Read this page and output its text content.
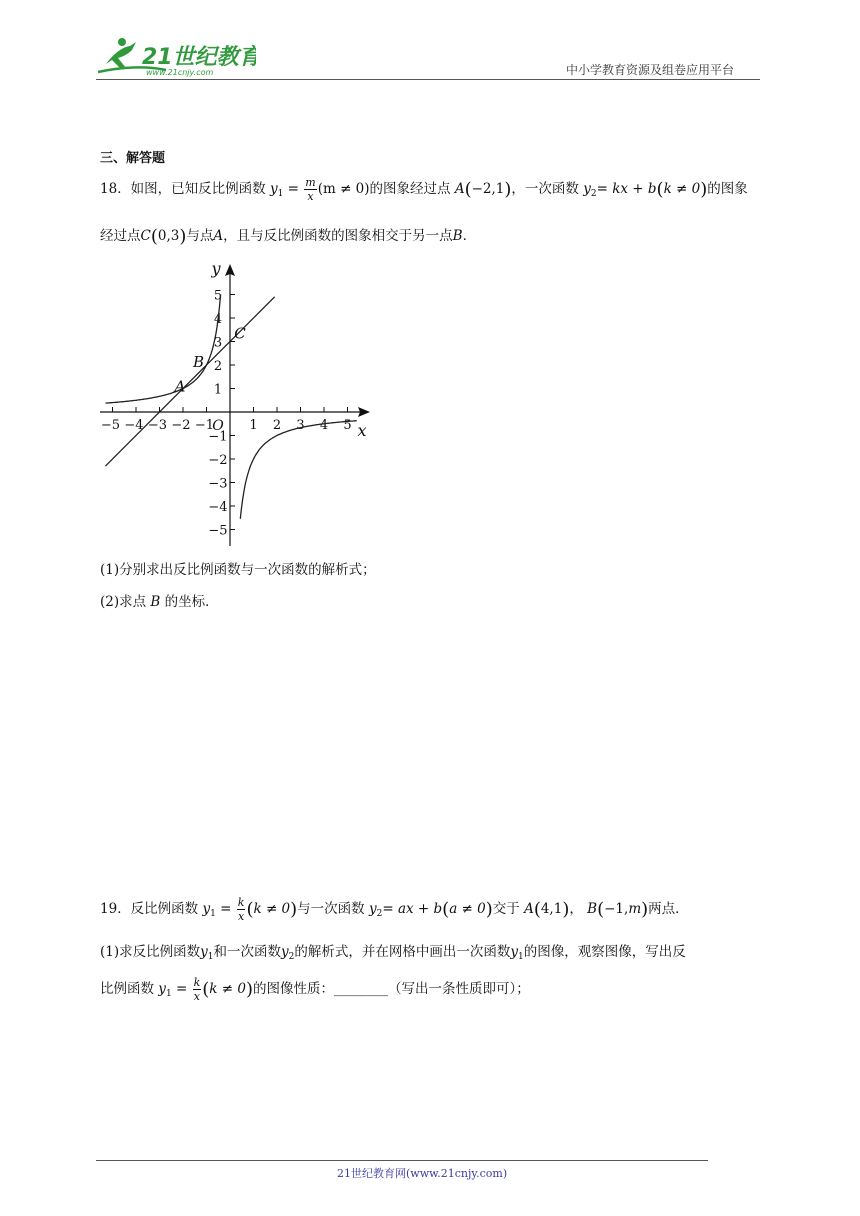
21世纪教育
www.21cnjy.com	中小学教育资源及组卷应用平台
三、解答题
18．如图，已知反比例函数 $y_1 = \frac{m}{x} (m \ne 0)$的图象经过点 A(−2,1)，一次函数 $y_2=$ kx + b(k ≠ 0)的图象
经过点C(0,3)与点A，且与反比例函数的图象相交于另一点B．
−5 −4 −3 −2 −1	1 2 3 4 5
5
4
3
2
1
−1
−2
−3
−4
−5
O	x
y
A
B
C
(1)分别求出反比例函数与一次函数的解析式；
(2)求点 B 的坐标．
19．反比例函数 $y_1 = \frac{k}{x} (k \ne 0)$与一次函数 $y_2=$ ax + b(a ≠ 0)交于 A(4,1)， B(−1,m)两点．
(1)求反比例函数$y_1$和一次函数$y_2$的解析式，并在网格中画出一次函数$y_1$的图像，观察图像，写出反
比例函数 $y_1 = \frac{k}{x} (k \ne 0)$的图像性质：________（写出一条性质即可）；
21世纪教育网(www.21cnjy.com)
